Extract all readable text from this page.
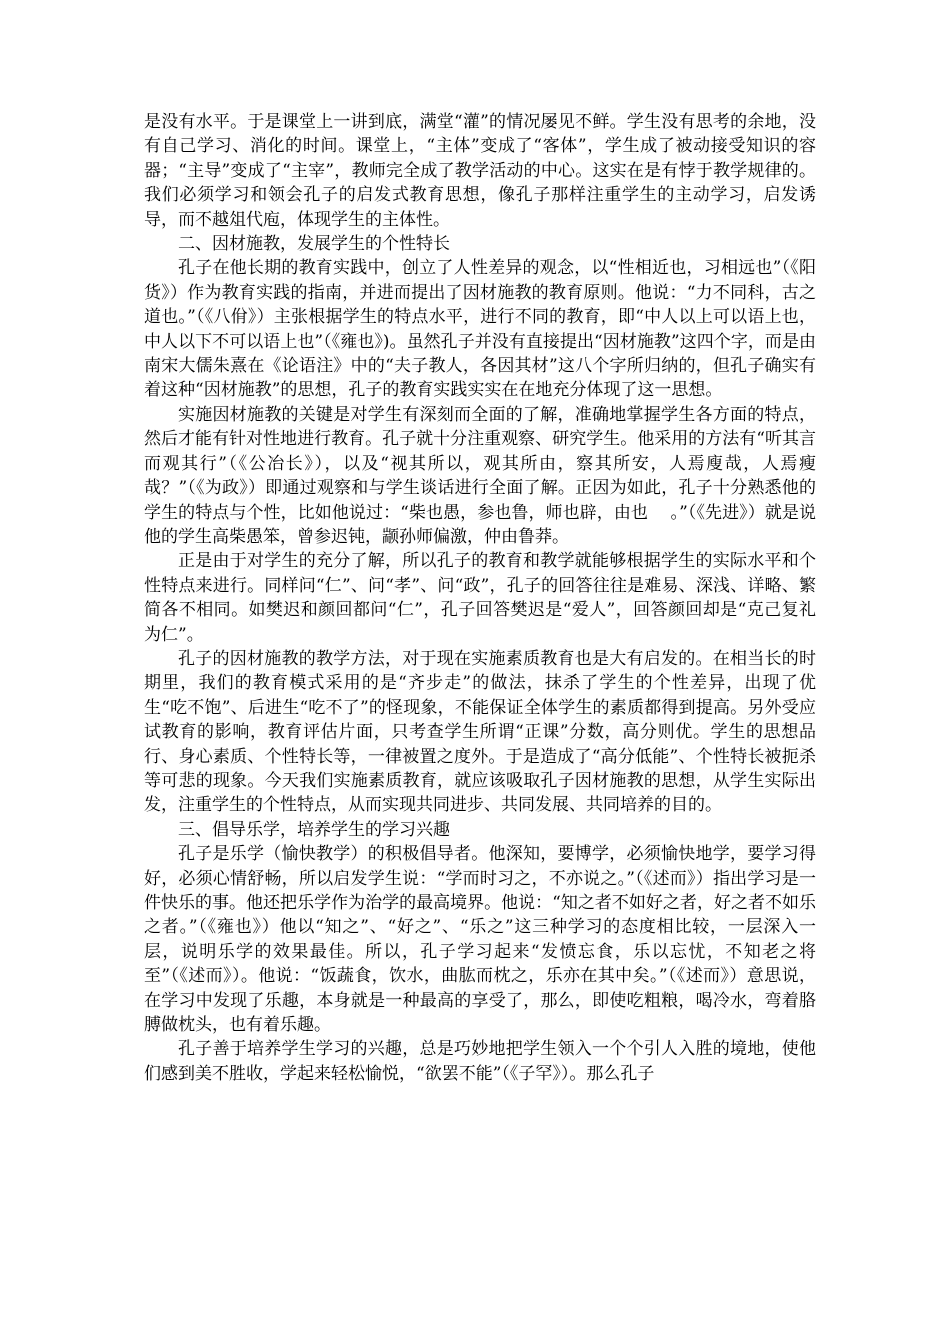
是没有水平。于是课堂上一讲到底，满堂“灌”的情况屡见不鲜。学生没有思考的余地，没有自己学习、消化的时间。课堂上，“主体”变成了“客体”，学生成了被动接受知识的容器；“主导”变成了“主宰”，教师完全成了教学活动的中心。这实在是有悖于教学规律的。我们必须学习和领会孔子的启发式教育思想，像孔子那样注重学生的主动学习，启发诱导，而不越俎代庖，体现学生的主体性。

二、因材施教，发展学生的个性特长

孔子在他长期的教育实践中，创立了人性差异的观念，以“性相近也，习相远也”（《阳货》）作为教育实践的指南，并进而提出了因材施教的教育原则。他说：“力不同科，古之道也。”（《八佾》）主张根据学生的特点水平，进行不同的教育，即“中人以上可以语上也，中人以下不可以语上也”（《雍也》)。虽然孔子并没有直接提出“因材施教”这四个字，而是由南宋大儒朱熹在《论语注》中的“夫子教人，各因其材”这八个字所归纳的，但孔子确实有着这种“因材施教”的思想，孔子的教育实践实实在在地充分体现了这一思想。

实施因材施教的关键是对学生有深刻而全面的了解，准确地掌握学生各方面的特点，然后才能有针对性地进行教育。孔子就十分注重观察、研究学生。他采用的方法有“听其言而观其行”（《公冶长》），以及“视其所以，观其所由，察其所安，人焉廋哉，人焉瘦哉？”（《为政》）即通过观察和与学生谈话进行全面了解。正因为如此，孔子十分熟悉他的学生的特点与个性，比如他说过：“柴也愚，参也鲁，师也辟，由也　 。”（《先进》）就是说他的学生高柴愚笨，曾参迟钝，颛孙师偏激，仲由鲁莽。

正是由于对学生的充分了解，所以孔子的教育和教学就能够根据学生的实际水平和个性特点来进行。同样问“仁”、问“孝”、问“政”，孔子的回答往往是难易、深浅、详略、繁简各不相同。如樊迟和颜回都问“仁”，孔子回答樊迟是“爱人”，回答颜回却是“克己复礼为仁”。

孔子的因材施教的教学方法，对于现在实施素质教育也是大有启发的。在相当长的时期里，我们的教育模式采用的是“齐步走”的做法，抹杀了学生的个性差异，出现了优生“吃不饱”、后进生“吃不了”的怪现象，不能保证全体学生的素质都得到提高。另外受应试教育的影响，教育评估片面，只考查学生所谓“正课”分数，高分则优。学生的思想品行、身心素质、个性特长等，一律被置之度外。于是造成了“高分低能”、个性特长被扼杀等可悲的现象。今天我们实施素质教育，就应该吸取孔子因材施教的思想，从学生实际出发，注重学生的个性特点，从而实现共同进步、共同发展、共同培养的目的。

三、倡导乐学，培养学生的学习兴趣

孔子是乐学（愉快教学）的积极倡导者。他深知，要博学，必须愉快地学，要学习得好，必须心情舒畅，所以启发学生说：“学而时习之，不亦说之。”（《述而》）指出学习是一件快乐的事。他还把乐学作为治学的最高境界。他说：“知之者不如好之者，好之者不如乐之者。”（《雍也》）他以“知之”、“好之”、“乐之”这三种学习的态度相比较，一层深入一层，说明乐学的效果最佳。所以，孔子学习起来“发愤忘食，乐以忘忧，不知老之将至”（《述而》）。他说：“饭蔬食，饮水，曲肱而枕之，乐亦在其中矣。”（《述而》）意思说，在学习中发现了乐趣，本身就是一种最高的享受了，那么，即使吃粗粮，喝冷水，弯着胳膊做枕头，也有着乐趣。

孔子善于培养学生学习的兴趣，总是巧妙地把学生领入一个个引人入胜的境地，使他们感到美不胜收，学起来轻松愉悦，“欲罢不能”（《子罕》）。那么孔子
